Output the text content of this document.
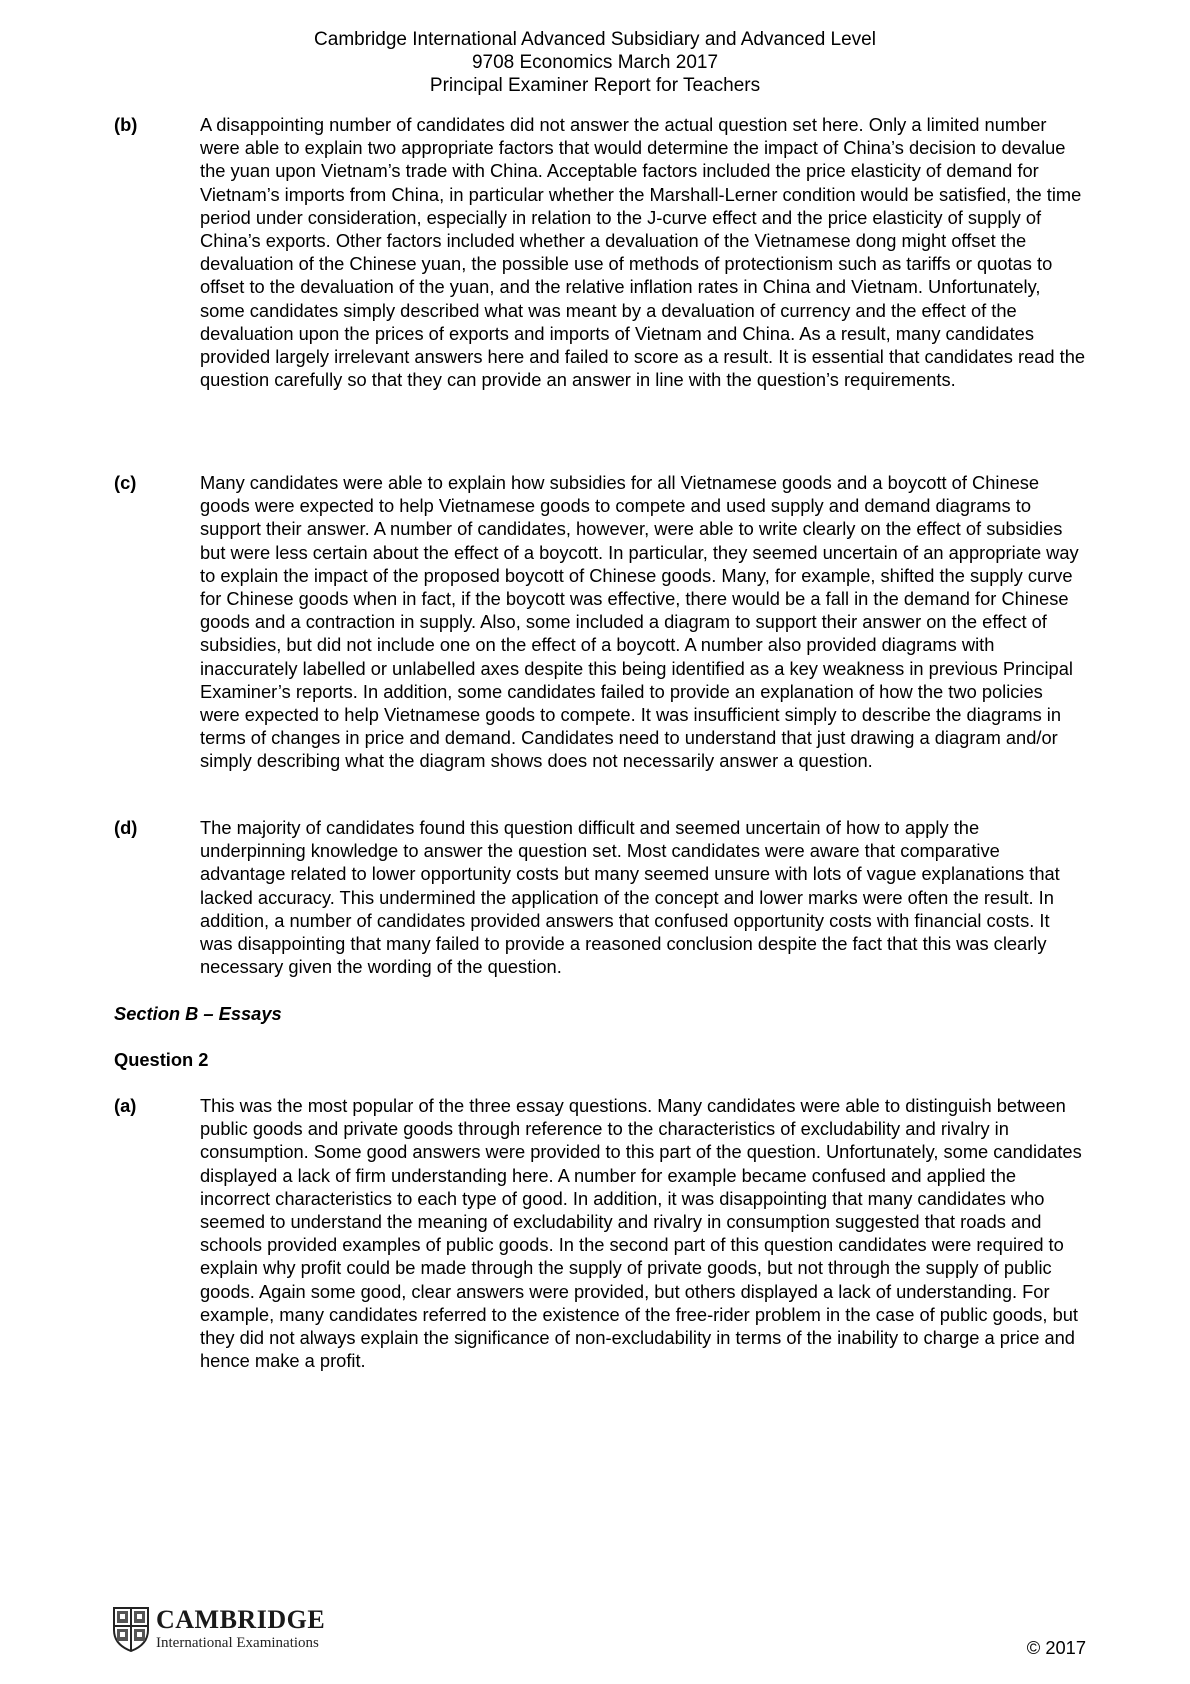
Cambridge International Advanced Subsidiary and Advanced Level
9708 Economics March 2017
Principal Examiner Report for Teachers
(b)	A disappointing number of candidates did not answer the actual question set here. Only a limited number were able to explain two appropriate factors that would determine the impact of China’s decision to devalue the yuan upon Vietnam’s trade with China. Acceptable factors included the price elasticity of demand for Vietnam’s imports from China, in particular whether the Marshall-Lerner condition would be satisfied, the time period under consideration, especially in relation to the J-curve effect and the price elasticity of supply of China’s exports. Other factors included whether a devaluation of the Vietnamese dong might offset the devaluation of the Chinese yuan, the possible use of methods of protectionism such as tariffs or quotas to offset to the devaluation of the yuan, and the relative inflation rates in China and Vietnam. Unfortunately, some candidates simply described what was meant by a devaluation of currency and the effect of the devaluation upon the prices of exports and imports of Vietnam and China. As a result, many candidates provided largely irrelevant answers here and failed to score as a result. It is essential that candidates read the question carefully so that they can provide an answer in line with the question’s requirements.

(c)	Many candidates were able to explain how subsidies for all Vietnamese goods and a boycott of Chinese goods were expected to help Vietnamese goods to compete and used supply and demand diagrams to support their answer. A number of candidates, however, were able to write clearly on the effect of subsidies but were less certain about the effect of a boycott. In particular, they seemed uncertain of an appropriate way to explain the impact of the proposed boycott of Chinese goods. Many, for example, shifted the supply curve for Chinese goods when in fact, if the boycott was effective, there would be a fall in the demand for Chinese goods and a contraction in supply. Also, some included a diagram to support their answer on the effect of subsidies, but did not include one on the effect of a boycott. A number also provided diagrams with inaccurately labelled or unlabelled axes despite this being identified as a key weakness in previous Principal Examiner’s reports. In addition, some candidates failed to provide an explanation of how the two policies were expected to help Vietnamese goods to compete. It was insufficient simply to describe the diagrams in terms of changes in price and demand. Candidates need to understand that just drawing a diagram and/or simply describing what the diagram shows does not necessarily answer a question.

(d)	The majority of candidates found this question difficult and seemed uncertain of how to apply the underpinning knowledge to answer the question set. Most candidates were aware that comparative advantage related to lower opportunity costs but many seemed unsure with lots of vague explanations that lacked accuracy. This undermined the application of the concept and lower marks were often the result. In addition, a number of candidates provided answers that confused opportunity costs with financial costs. It was disappointing that many failed to provide a reasoned conclusion despite the fact that this was clearly necessary given the wording of the question.

Section B – Essays
Question 2
(a)	This was the most popular of the three essay questions. Many candidates were able to distinguish between public goods and private goods through reference to the characteristics of excludability and rivalry in consumption. Some good answers were provided to this part of the question. Unfortunately, some candidates displayed a lack of firm understanding here. A number for example became confused and applied the incorrect characteristics to each type of good. In addition, it was disappointing that many candidates who seemed to understand the meaning of excludability and rivalry in consumption suggested that roads and schools provided examples of public goods. In the second part of this question candidates were required to explain why profit could be made through the supply of private goods, but not through the supply of public goods. Again some good, clear answers were provided, but others displayed a lack of understanding. For example, many candidates referred to the existence of the free-rider problem in the case of public goods, but they did not always explain the significance of non-excludability in terms of the inability to charge a price and hence make a profit.

CAMBRIDGE
International Examinations	© 2017
